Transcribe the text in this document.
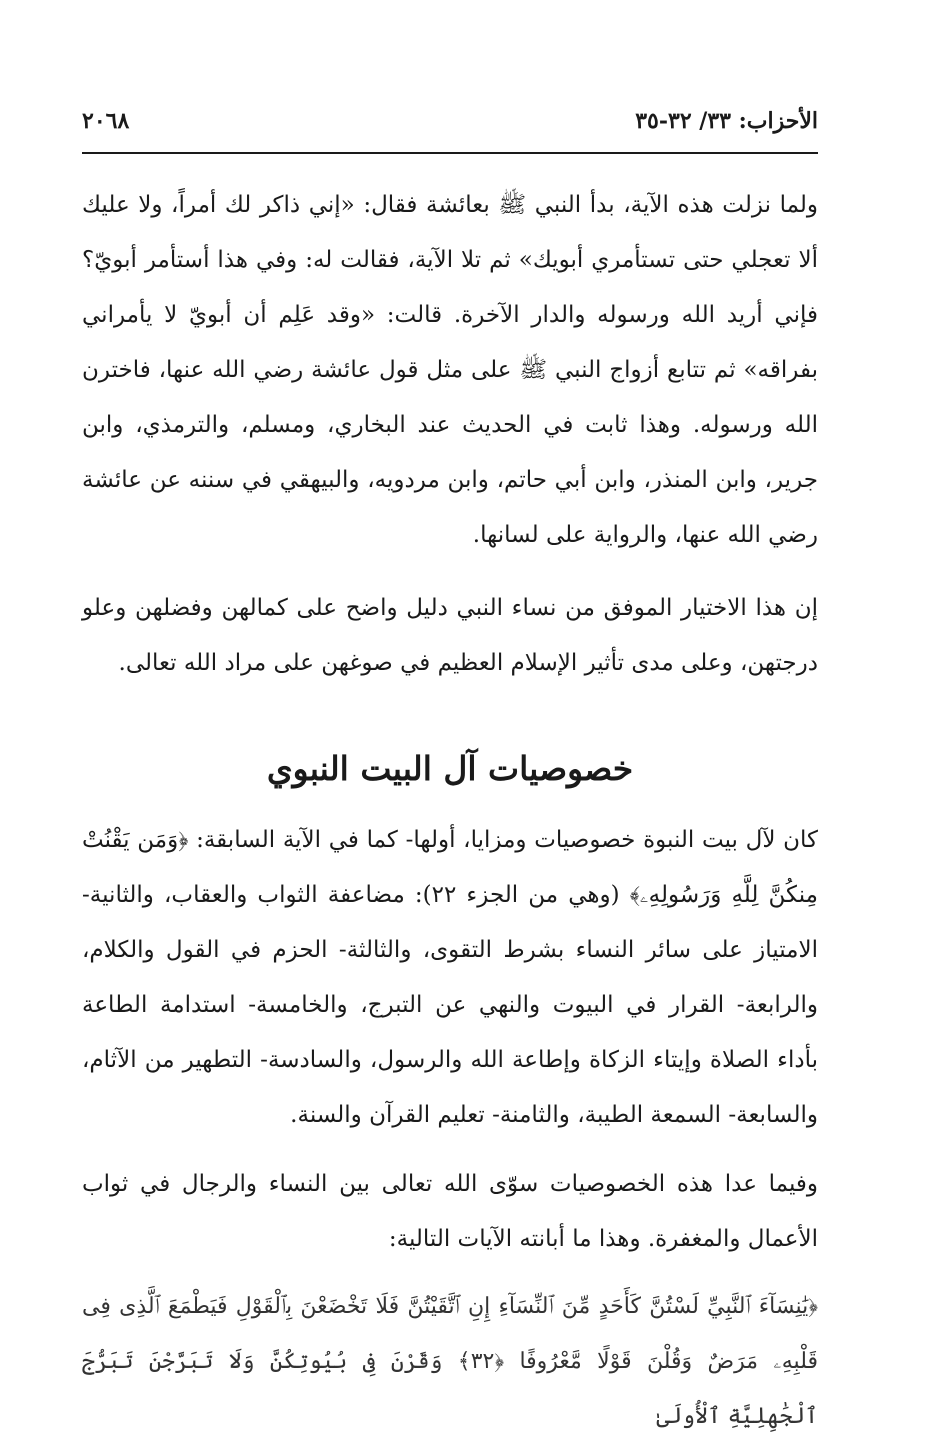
الأحزاب: ٣٣/ ٣٢-٣٥
٢٠٦٨

ولما نزلت هذه الآية، بدأ النبي ﷺ بعائشة فقال: «إني ذاكر لك أمراً، ولا عليك ألا تعجلي حتى تستأمري أبويك» ثم تلا الآية، فقالت له: وفي هذا أستأمر أبويّ؟ فإني أريد الله ورسوله والدار الآخرة. قالت: «وقد عَلِم أن أبويّ لا يأمراني بفراقه» ثم تتابع أزواج النبي ﷺ على مثل قول عائشة رضي الله عنها، فاخترن الله ورسوله. وهذا ثابت في الحديث عند البخاري، ومسلم، والترمذي، وابن جرير، وابن المنذر، وابن أبي حاتم، وابن مردويه، والبيهقي في سننه عن عائشة رضي الله عنها، والرواية على لسانها.

إن هذا الاختيار الموفق من نساء النبي دليل واضح على كمالهن وفضلهن وعلو درجتهن، وعلى مدى تأثير الإسلام العظيم في صوغهن على مراد الله تعالى.

خصوصيات آل البيت النبوي

كان لآل بيت النبوة خصوصيات ومزايا، أولها- كما في الآية السابقة: ﴿وَمَن يَقْنُتْ مِنكُنَّ لِلَّهِ وَرَسُولِهِۦ﴾ (وهي من الجزء ٢٢): مضاعفة الثواب والعقاب، والثانية- الامتياز على سائر النساء بشرط التقوى، والثالثة- الحزم في القول والكلام، والرابعة- القرار في البيوت والنهي عن التبرج، والخامسة- استدامة الطاعة بأداء الصلاة وإيتاء الزكاة وإطاعة الله والرسول، والسادسة- التطهير من الآثام، والسابعة- السمعة الطيبة، والثامنة- تعليم القرآن والسنة.

وفيما عدا هذه الخصوصيات سوّى الله تعالى بين النساء والرجال في ثواب الأعمال والمغفرة. وهذا ما أبانته الآيات التالية:

﴿يَٰنِسَآءَ ٱلنَّبِيِّ لَسْتُنَّ كَأَحَدٍ مِّنَ ٱلنِّسَآءِ إِنِ ٱتَّقَيْتُنَّ فَلَا تَخْضَعْنَ بِٱلْقَوْلِ فَيَطْمَعَ ٱلَّذِى فِى قَلْبِهِۦ مَرَضٌ وَقُلْنَ قَوْلًا مَّعْرُوفًا ﴿٣٢﴾ وَقَرْنَ فِى بُيُوتِكُنَّ وَلَا تَبَرَّجْنَ تَبَرُّجَ ٱلْجَٰهِلِيَّةِ ٱلْأُولَىٰ
